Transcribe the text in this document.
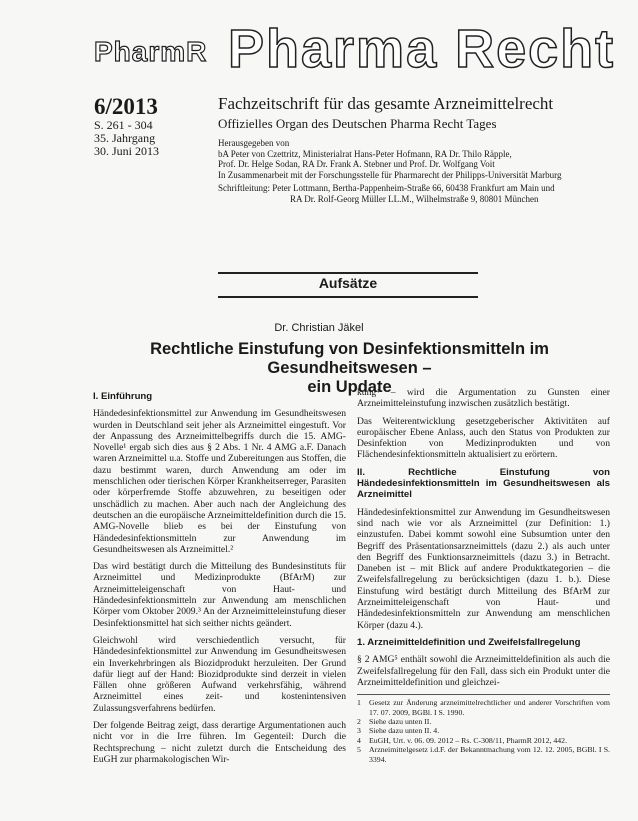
PharmR Pharma Recht
6/2013
S. 261 - 304
35. Jahrgang
30. Juni 2013
Fachzeitschrift für das gesamte Arzneimittelrecht
Offizielles Organ des Deutschen Pharma Recht Tages
Herausgegeben von
bA Peter von Czettritz, Ministerialrat Hans-Peter Hofmann, RA Dr. Thilo Räpple,
Prof. Dr. Helge Sodan, RA Dr. Frank A. Stebner und Prof. Dr. Wolfgang Voit
In Zusammenarbeit mit der Forschungsstelle für Pharmarecht der Philipps-Universität Marburg
Schriftleitung: Peter Lottmann, Bertha-Pappenheim-Straße 66, 60438 Frankfurt am Main und
RA Dr. Rolf-Georg Müller LL.M., Wilhelmstraße 9, 80801 München
Aufsätze
Dr. Christian Jäkel
Rechtliche Einstufung von Desinfektionsmitteln im Gesundheitswesen –
ein Update
I. Einführung

Händedesinfektionsmittel zur Anwendung im Gesundheitswesen wurden in Deutschland seit jeher als Arzneimittel eingestuft. Vor der Anpassung des Arzneimittelbegriffs durch die 15. AMG-Novelle¹ ergab sich dies aus § 2 Abs. 1 Nr. 4 AMG a.F. Danach waren Arzneimittel u.a. Stoffe und Zubereitungen aus Stoffen, die dazu bestimmt waren, durch Anwendung am oder im menschlichen oder tierischen Körper Krankheitserreger, Parasiten oder körperfremde Stoffe abzuwehren, zu beseitigen oder unschädlich zu machen. Aber auch nach der Angleichung des deutschen an die europäische Arzneimitteldefinition durch die 15. AMG-Novelle blieb es bei der Einstufung von Händedesinfektionsmitteln zur Anwendung im Gesundheitswesen als Arzneimittel.²

Das wird bestätigt durch die Mitteilung des Bundesinstituts für Arzneimittel und Medizinprodukte (BfArM) zur Arzneimitteleigenschaft von Haut- und Händedesinfektionsmitteln zur Anwendung am menschlichen Körper vom Oktober 2009.³ An der Arzneimitteleinstufung dieser Desinfektionsmittel hat sich seither nichts geändert.

Gleichwohl wird verschiedentlich versucht, für Händedesinfektionsmittel zur Anwendung im Gesundheitswesen ein Inverkehrbringen als Biozidprodukt herzuleiten. Der Grund dafür liegt auf der Hand: Biozidprodukte sind derzeit in vielen Fällen ohne größeren Aufwand verkehrsfähig, während Arzneimittel eines zeit- und kostenintensiven Zulassungsverfahrens bedürfen.

Der folgende Beitrag zeigt, dass derartige Argumentationen auch nicht vor in die Irre führen. Im Gegenteil: Durch die Rechtsprechung – nicht zuletzt durch die Entscheidung des EuGH zur pharmakologischen Wir-

kung⁴ – wird die Argumentation zu Gunsten einer Arzneimitteleinstufung inzwischen zusätzlich bestätigt.

Das Weiterentwicklung gesetzgeberischer Aktivitäten auf europäischer Ebene Anlass, auch den Status von Produkten zur Desinfektion von Medizinprodukten und von Flächendesinfektionsmitteln aktualisiert zu erörtern.

II. Rechtliche Einstufung von Händedesinfektionsmitteln im Gesundheitswesen als Arzneimittel

Händedesinfektionsmittel zur Anwendung im Gesundheitswesen sind nach wie vor als Arzneimittel (zur Definition: 1.) einzustufen. Dabei kommt sowohl eine Subsumtion unter den Begriff des Präsentationsarzneimittels (dazu 2.) als auch unter den Begriff des Funktionsarzneimittels (dazu 3.) in Betracht. Daneben ist – mit Blick auf andere Produktkategorien – die Zweifelsfallregelung zu berücksichtigen (dazu 1. b.). Diese Einstufung wird bestätigt durch Mitteilung des BfArM zur Arzneimitteleigenschaft von Haut- und Händedesinfektionsmitteln zur Anwendung am menschlichen Körper (dazu 4.).

1. Arzneimitteldefinition und Zweifelsfallregelung

§ 2 AMG⁵ enthält sowohl die Arzneimitteldefinition als auch die Zweifelsfallregelung für den Fall, dass sich ein Produkt unter die Arzneimitteldefinition und gleichzei-

1	Gesetz zur Änderung arzneimittelrechtlicher und anderer Vorschriften vom 17. 07. 2009, BGBl. I S. 1990.
2	Siehe dazu unten II.
3	Siehe dazu unten II. 4.
4	EuGH, Urt. v. 06. 09. 2012 – Rs. C-308/11, PharmR 2012, 442.
5	Arzneimittelgesetz i.d.F. der Bekanntmachung vom 12. 12. 2005, BGBl. I S. 3394.
